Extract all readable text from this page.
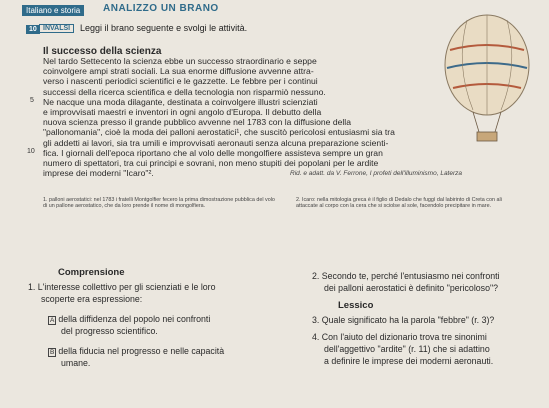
Italiano e storia	ANALIZZO UN BRANO
10 INVALSI	Leggi il brano seguente e svolgi le attività.
Il successo della scienza
Nel tardo Settecento la scienza ebbe un successo straordinario e seppe
coinvolgere ampi strati sociali. La sua enorme diffusione avvenne attra-
verso i nascenti periodici scientifici e le gazzette. Le febbre per i continui
successi della ricerca scientifica e della tecnologia non risparmiò nessuno.
Ne nacque una moda dilagante, destinata a coinvolgere illustri scienziati
e improvvisati maestri e inventori in ogni angolo d'Europa. Il debutto della
nuova scienza presso il grande pubblico avvenne nel 1783 con la diffusione della
"pallonomania", cioè la moda dei palloni aerostatici¹, che suscitò pericolosi entusiasmi sia tra
gli addetti ai lavori, sia tra umili e improvvisati aeronauti senza alcuna preparazione scienti-
fica. I giornali dell'epoca riportano che al volo delle mongolfiere assisteva sempre un gran
numero di spettatori, tra cui principi e sovrani, non meno stupiti dei popolani per le ardite
imprese dei moderni "Icaro"².
5
10
Rid. e adatt. da V. Ferrone, I profeti dell'illuminismo, Laterza
1. palloni aerostatici: nel 1783 i fratelli Montgolfier fecero la prima dimostrazione pubblica del volo di un pallone aerostatico, che da loro prende il nome di mongolfiera.
2. Icaro: nella mitologia greca è il figlio di Dedalo che fuggì dal labirinto di Creta con ali attaccate al corpo con la cera che si sciolse al sole, facendolo precipitare in mare.
Comprensione
1. L'interesse collettivo per gli scienziati e le loro
scoperte era espressione:
A della diffidenza del popolo nei confronti
del progresso scientifico.
B della fiducia nel progresso e nelle capacità
umane.
2. Secondo te, perché l'entusiasmo nei confronti
dei palloni aerostatici è definito "pericoloso"?
Lessico
3. Quale significato ha la parola "febbre" (r. 3)?
4. Con l'aiuto del dizionario trova tre sinonimi
dell'aggettivo "ardite" (r. 11) che si adattino
a definire le imprese dei moderni aeronauti.
